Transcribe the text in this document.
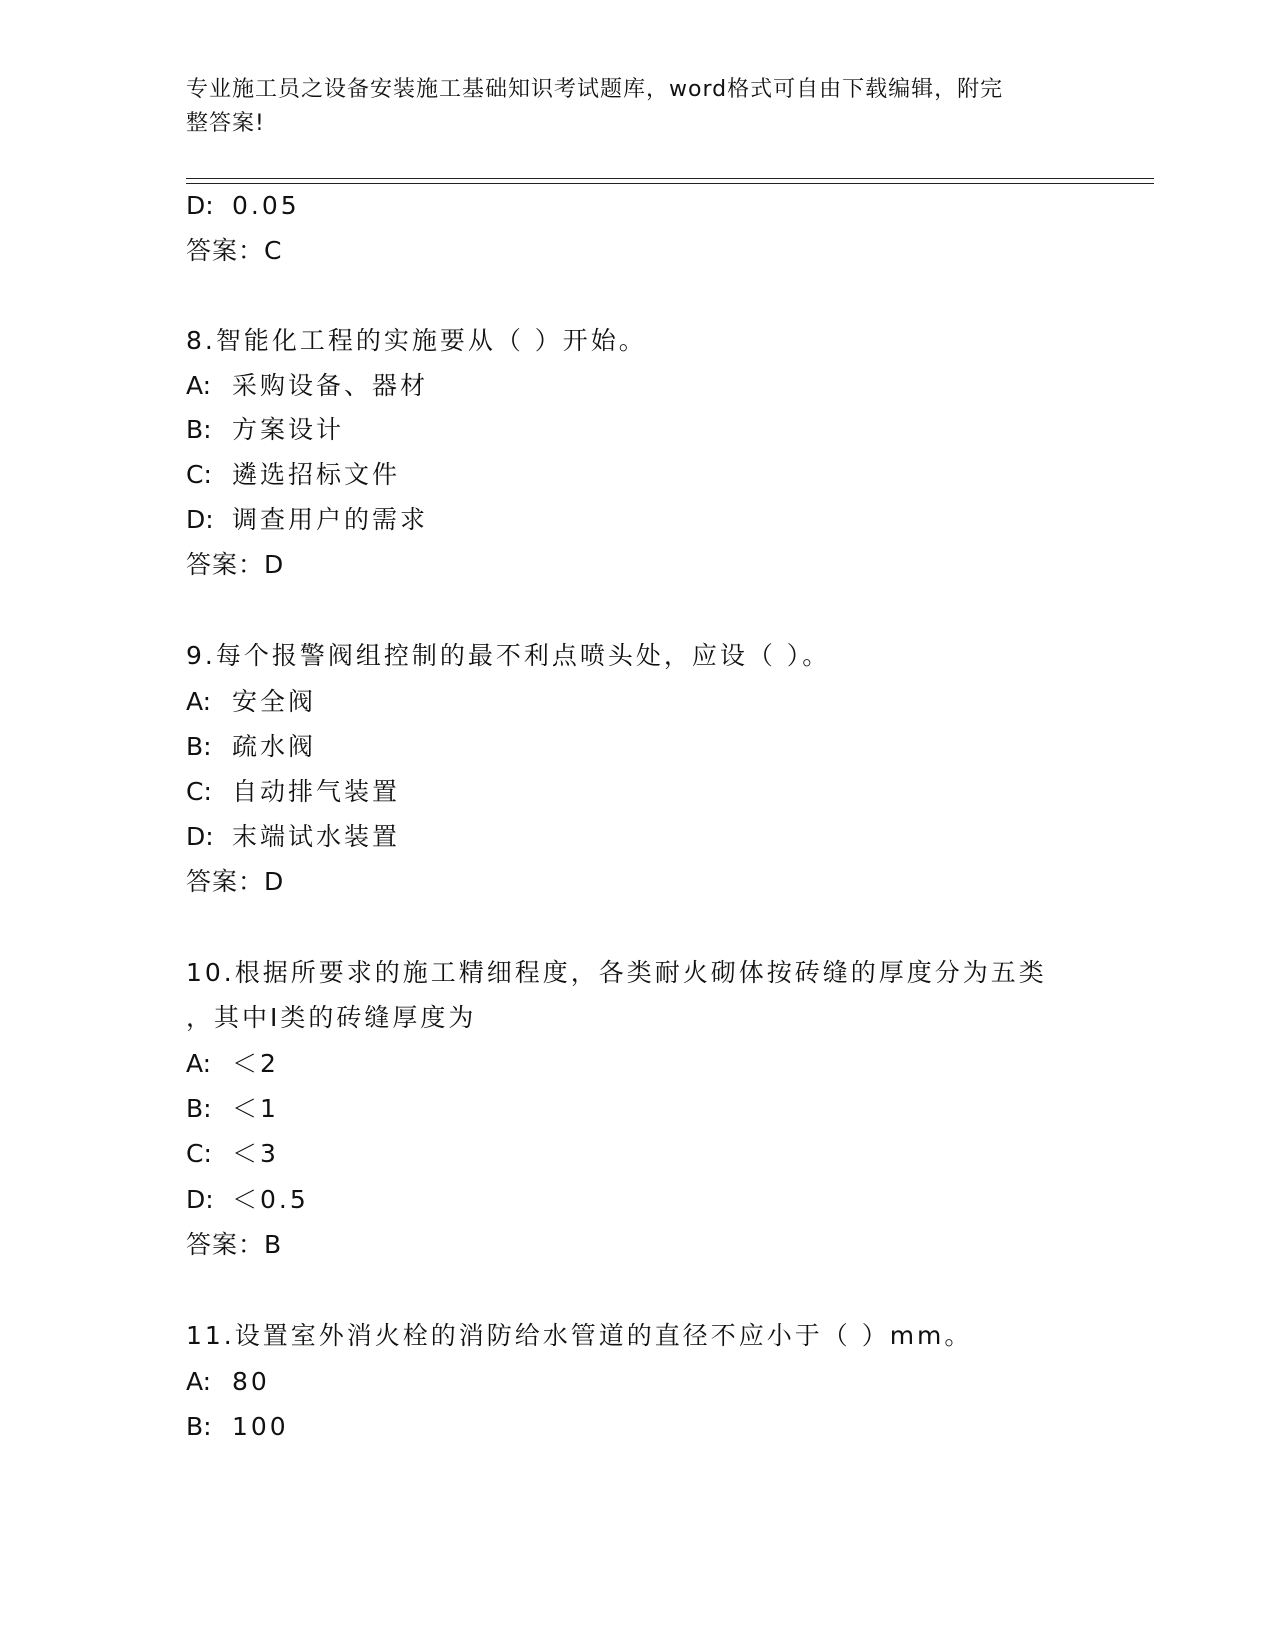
专业施工员之设备安装施工基础知识考试题库，word格式可自由下载编辑，附完
整答案!
D: 0.05
答案：C
8.智能化工程的实施要从（ ）开始。
A: 采购设备、器材
B: 方案设计
C: 遴选招标文件
D: 调查用户的需求
答案：D
9.每个报警阀组控制的最不利点喷头处，应设（ ）。
A: 安全阀
B: 疏水阀
C: 自动排气装置
D: 末端试水装置
答案：D
10.根据所要求的施工精细程度，各类耐火砌体按砖缝的厚度分为五类
，其中Ⅰ类的砖缝厚度为
A: ＜2
B: ＜1
C: ＜3
D: ＜0.5
答案：B
11.设置室外消火栓的消防给水管道的直径不应小于（ ）mm。
A: 80
B: 100
